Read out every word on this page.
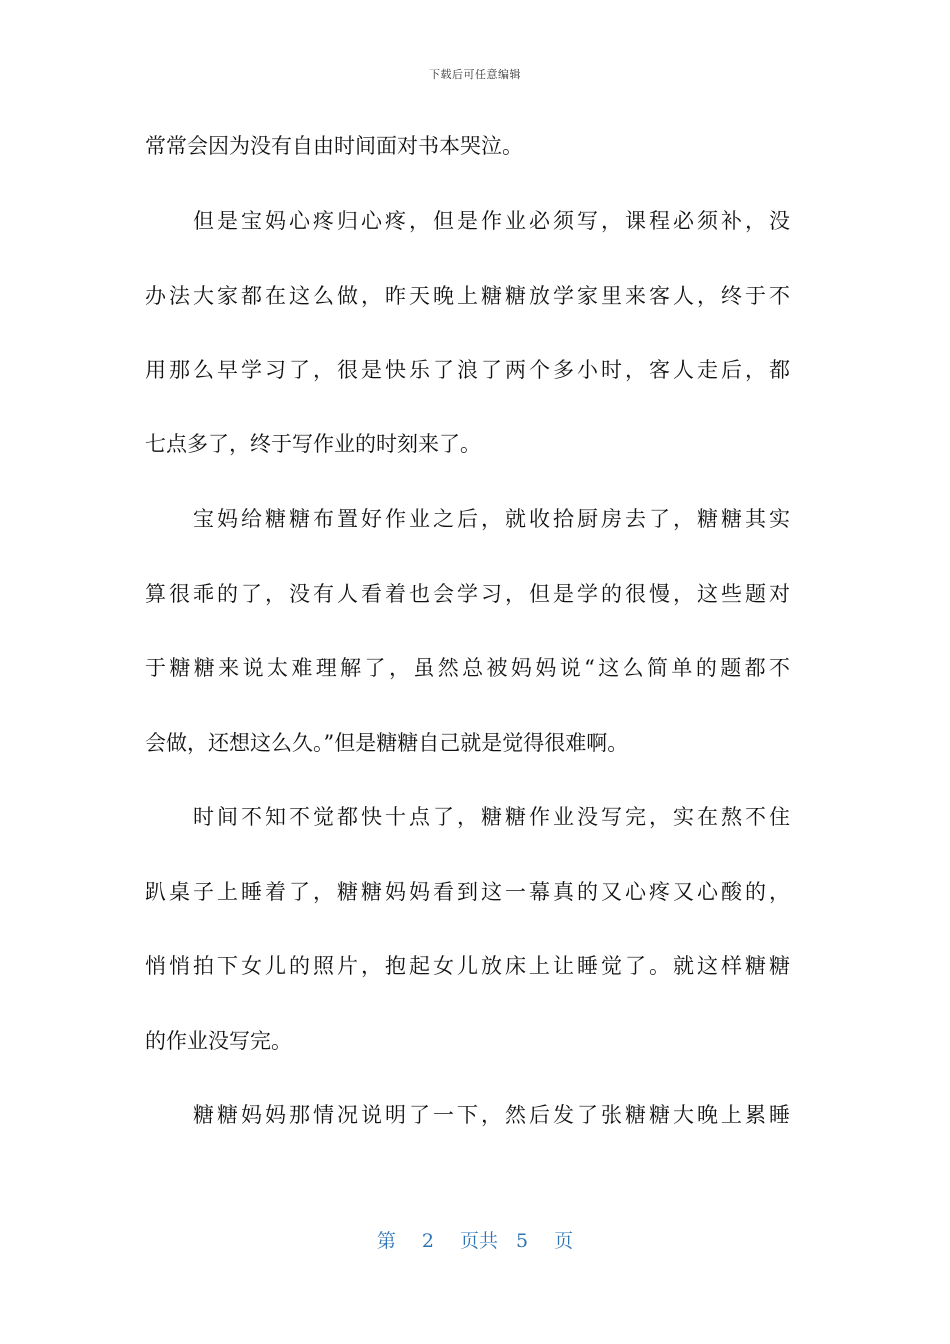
下载后可任意编辑
常常会因为没有自由时间面对书本哭泣。
但是宝妈心疼归心疼，但是作业必须写，课程必须补，没
办法大家都在这么做，昨天晚上糖糖放学家里来客人，终于不
用那么早学习了，很是快乐了浪了两个多小时，客人走后，都
七点多了，终于写作业的时刻来了。
宝妈给糖糖布置好作业之后，就收拾厨房去了，糖糖其实
算很乖的了，没有人看着也会学习，但是学的很慢，这些题对
于糖糖来说太难理解了，虽然总被妈妈说“这么简单的题都不
会做，还想这么久。”但是糖糖自己就是觉得很难啊。
时间不知不觉都快十点了，糖糖作业没写完，实在熬不住
趴桌子上睡着了，糖糖妈妈看到这一幕真的又心疼又心酸的，
悄悄拍下女儿的照片，抱起女儿放床上让睡觉了。就这样糖糖
的作业没写完。
糖糖妈妈那情况说明了一下，然后发了张糖糖大晚上累睡
第 2 页共 5 页
